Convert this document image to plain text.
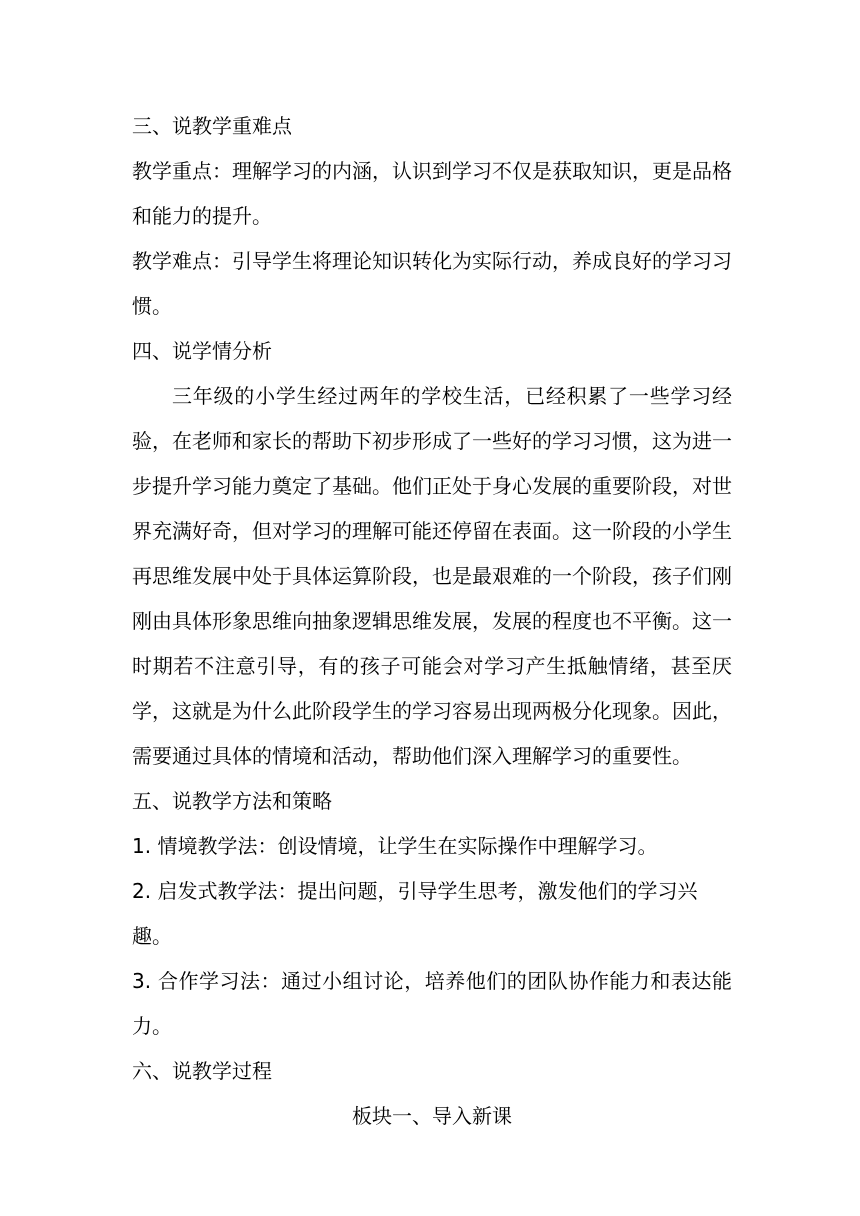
三、说教学重难点

教学重点：理解学习的内涵，认识到学习不仅是获取知识，更是品格和能力的提升。

教学难点：引导学生将理论知识转化为实际行动，养成良好的学习习惯。

四、说学情分析

三年级的小学生经过两年的学校生活，已经积累了一些学习经验，在老师和家长的帮助下初步形成了一些好的学习习惯，这为进一步提升学习能力奠定了基础。他们正处于身心发展的重要阶段，对世界充满好奇，但对学习的理解可能还停留在表面。这一阶段的小学生再思维发展中处于具体运算阶段，也是最艰难的一个阶段，孩子们刚刚由具体形象思维向抽象逻辑思维发展，发展的程度也不平衡。这一时期若不注意引导，有的孩子可能会对学习产生抵触情绪，甚至厌学，这就是为什么此阶段学生的学习容易出现两极分化现象。因此，需要通过具体的情境和活动，帮助他们深入理解学习的重要性。

五、说教学方法和策略

1. 情境教学法：创设情境，让学生在实际操作中理解学习。

2. 启发式教学法：提出问题，引导学生思考，激发他们的学习兴趣。

3. 合作学习法：通过小组讨论，培养他们的团队协作能力和表达能力。

六、说教学过程

板块一、导入新课
